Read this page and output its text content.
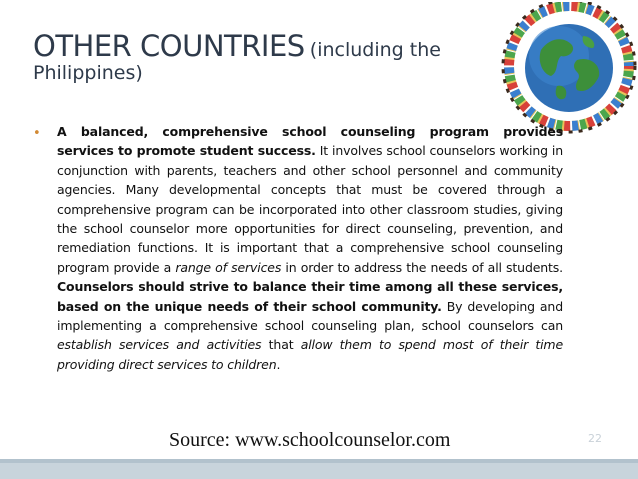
OTHER COUNTRIES (including the
Philippines)
• A balanced, comprehensive school counseling program provides services to promote student success. It involves school counselors working in conjunction with parents, teachers and other school personnel and community agencies. Many developmental concepts that must be covered through a comprehensive program can be incorporated into other classroom studies, giving the school counselor more opportunities for direct counseling, prevention, and remediation functions. It is important that a comprehensive school counseling program provide a range of services in order to address the needs of all students. Counselors should strive to balance their time among all these services, based on the unique needs of their school community. By developing and implementing a comprehensive school counseling plan, school counselors can establish services and activities that allow them to spend most of their time providing direct services to children.

Source: www.schoolcounselor.com	22
